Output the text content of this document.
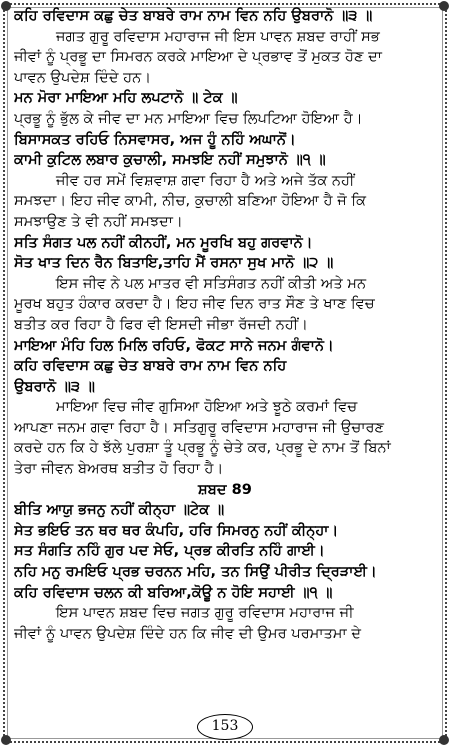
ਕਹਿ ਰਵਿਦਾਸ ਕਛੁ ਚੇਤ ਬਾਬਰੇ ਰਾਮ ਨਾਮ ਵਿਨ ਨਹਿ ਉਬਰਾਨੋ ॥੩ ॥
ਜਗਤ ਗੁਰੂ ਰਵਿਦਾਸ ਮਹਾਰਾਜ ਜੀ ਇਸ ਪਾਵਨ ਸ਼ਬਦ ਰਾਹੀਂ ਸਭ
ਜੀਵਾਂ ਨੂੰ ਪ੍ਰਭੂ ਦਾ ਸਿਮਰਨ ਕਰਕੇ ਮਾਇਆ ਦੇ ਪ੍ਰਭਾਵ ਤੋਂ ਮੁਕਤ ਹੋਣ ਦਾ
ਪਾਵਨ ਉਪਦੇਸ਼ ਦਿੰਦੇ ਹਨ।
ਮਨ ਮੋਰਾ ਮਾਇਆ ਮਹਿ ਲਪਟਾਨੋ ॥ ਟੇਕ ॥
ਪ੍ਰਭੂ ਨੂੰ ਭੁੱਲ ਕੇ ਜੀਵ ਦਾ ਮਨ ਮਾਇਆ ਵਿਚ ਲਿਪਟਿਆ ਹੋਇਆ ਹੈ।
ਬਿਸਾਸਕਤ ਰਹਿਓ ਨਿਸਵਾਸਰ, ਅਜ ਹੂੰ ਨਹਿੰ ਅਘਾਨੋਂ।
ਕਾਮੀ ਕੁਟਿਲ ਲਬਾਰ ਕੁਚਾਲੀ, ਸਮਝਇ ਨਹੀਂ ਸਮੁਝਾਨੋ ॥੧ ॥
ਜੀਵ ਹਰ ਸਮੇਂ ਵਿਸ਼ਵਾਸ਼ ਗਵਾ ਰਿਹਾ ਹੈ ਅਤੇ ਅਜੇ ਤੱਕ ਨਹੀਂ
ਸਮਝਦਾ। ਇਹ ਜੀਵ ਕਾਮੀ, ਨੀਚ, ਕੁਚਾਲੀ ਬਣਿਆ ਹੋਇਆ ਹੈ ਜੋ ਕਿ
ਸਮਝਾਉਣ ਤੇ ਵੀ ਨਹੀਂ ਸਮਝਦਾ।
ਸਤਿ ਸੰਗਤ ਪਲ ਨਹੀਂ ਕੀਨਹੀਂ, ਮਨ ਮੂਰਖਿ ਬਹੁ ਗਰਵਾਨੋ।
ਸੋਤ ਖਾਤ ਦਿਨ ਰੈਨ ਬਿਤਾਇ,ਤਾਹਿ ਮੈਂ ਰਸਨਾ ਸੁਖ ਮਾਨੋ ॥੨ ॥
ਇਸ ਜੀਵ ਨੇ ਪਲ ਮਾਤਰ ਵੀ ਸਤਿਸੰਗਤ ਨਹੀਂ ਕੀਤੀ ਅਤੇ ਮਨ
ਮੂਰਖ ਬਹੁਤ ਹੰਕਾਰ ਕਰਦਾ ਹੈ। ਇਹ ਜੀਵ ਦਿਨ ਰਾਤ ਸੌਣ ਤੇ ਖਾਣ ਵਿਚ
ਬਤੀਤ ਕਰ ਰਿਹਾ ਹੈ ਫਿਰ ਵੀ ਇਸਦੀ ਜੀਭਾ ਰੱਜਦੀ ਨਹੀਂ।
ਮਾਇਆ ਮੰਹਿ ਹਿਲ ਮਿਲਿ ਰਹਿਓ, ਫੋਕਟ ਸਾਨੇ ਜਨਮ ਗੰਵਾਨੋ।
ਕਹਿ ਰਵਿਦਾਸ ਕਛੁ ਚੇਤ ਬਾਬਰੇ ਰਾਮ ਨਾਮ ਵਿਨ ਨਹਿ
ਉਬਰਾਨੋ ॥੩ ॥
ਮਾਇਆ ਵਿਚ ਜੀਵ ਗੁਸਿਆ ਹੋਇਆ ਅਤੇ ਝੂਠੇ ਕਰਮਾਂ ਵਿਚ
ਆਪਣਾ ਜਨਮ ਗਵਾ ਰਿਹਾ ਹੈ। ਸਤਿਗੁਰੂ ਰਵਿਦਾਸ ਮਹਾਰਾਜ ਜੀ ਉਚਾਰਣ
ਕਰਦੇ ਹਨ ਕਿ ਹੇ ਝੱਲੇ ਪੁਰਸ਼ਾ ਤੂੰ ਪ੍ਰਭੂ ਨੂੰ ਚੇਤੇ ਕਰ, ਪ੍ਰਭੂ ਦੇ ਨਾਮ ਤੋਂ ਬਿਨਾਂ
ਤੇਰਾ ਜੀਵਨ ਬੇਅਰਥ ਬਤੀਤ ਹੋ ਰਿਹਾ ਹੈ।
ਸ਼ਬਦ 89
ਬੀਤਿ ਆਯੁ ਭਜਨੁ ਨਹੀਂ ਕੀਨ੍ਹਾ ॥ਟੇਕ ॥
ਸੇਤ ਭਇਓ ਤਨ ਥਰ ਥਰ ਕੰਪਹਿ, ਹਰਿ ਸਿਮਰਨੁ ਨਹੀਂ ਕੀਨ੍ਹਾ।
ਸਤ ਸੰਗਤਿ ਨਹਿੰ ਗੁਰ ਪਦ ਸੇਓ, ਪ੍ਰਭ ਕੀਰਤਿ ਨਹਿੰ ਗਾਈ।
ਨਹਿ ਮਨੁ ਰਮਇਓ ਪ੍ਰਭ ਚਰਨਨ ਮਹਿ, ਤਨ ਸਿਉਂ ਪੀਰੀਤ ਦ੍ਰਿੜਾਈ।
ਕਹਿ ਰਵਿਦਾਸ ਚਲਨ ਕੀ ਬਰਿਆ,ਕੋਊ ਨ ਹੋਇ ਸਹਾਈ ॥੧ ॥
ਇਸ ਪਾਵਨ ਸ਼ਬਦ ਵਿਚ ਜਗਤ ਗੁਰੂ ਰਵਿਦਾਸ ਮਹਾਰਾਜ ਜੀ
ਜੀਵਾਂ ਨੂੰ ਪਾਵਨ ਉਪਦੇਸ਼ ਦਿੰਦੇ ਹਨ ਕਿ ਜੀਵ ਦੀ ਉਮਰ ਪਰਮਾਤਮਾ ਦੇ
153
